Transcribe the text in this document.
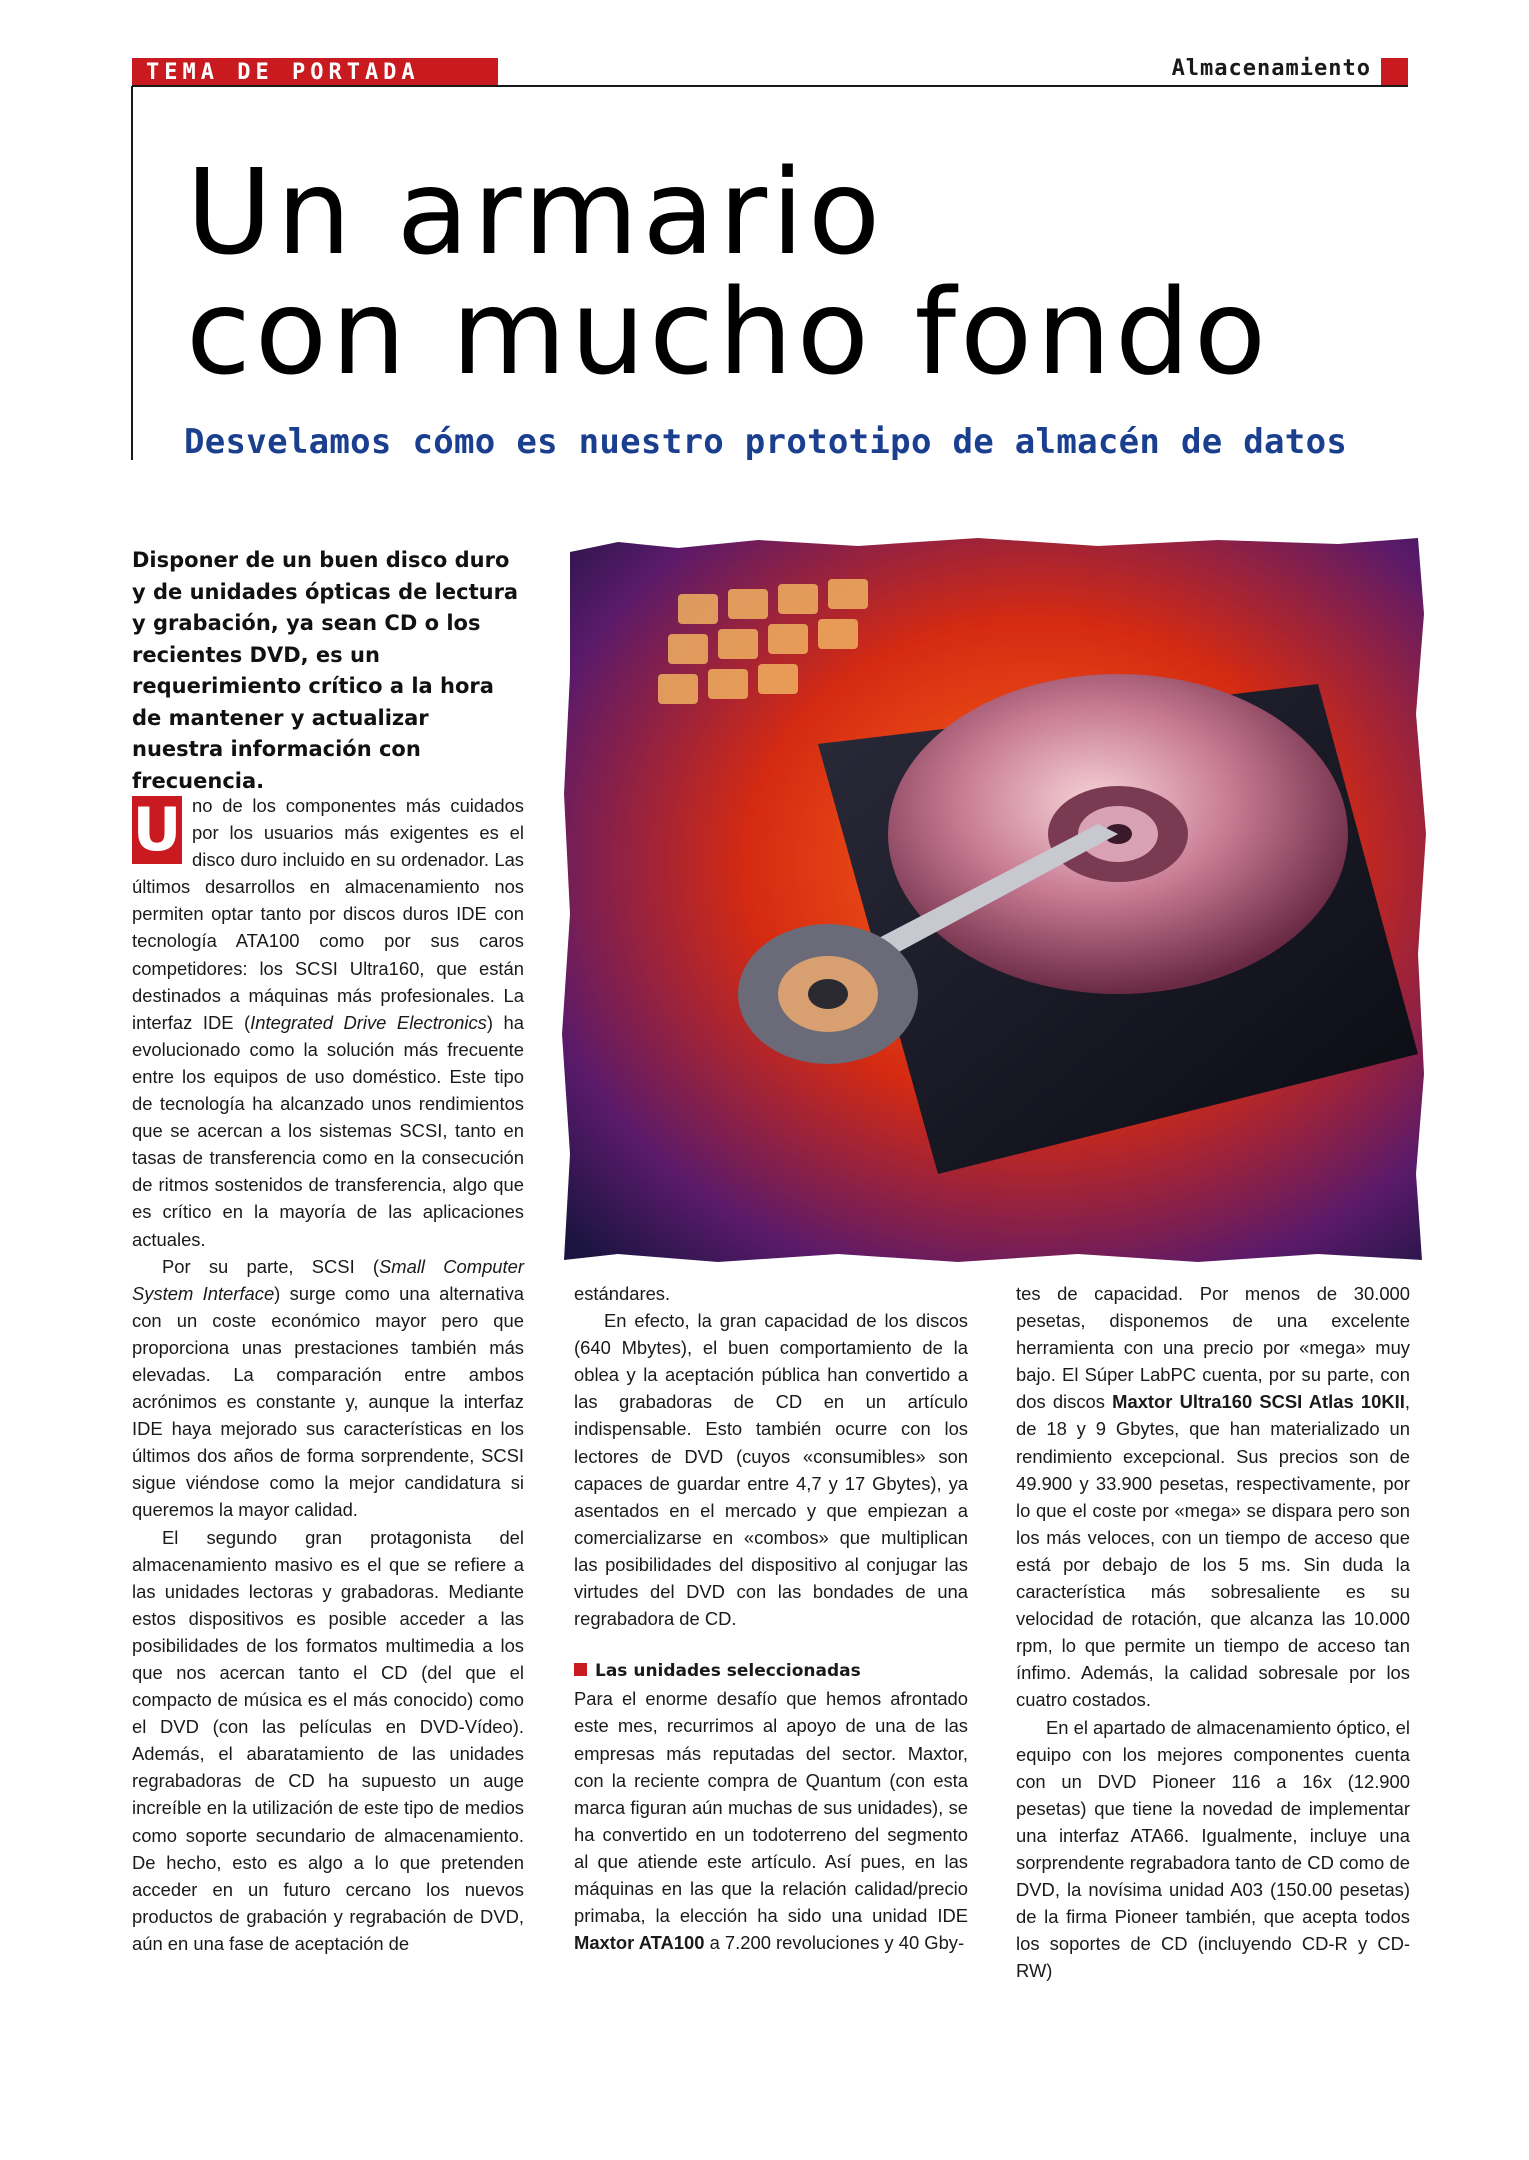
TEMA DE PORTADA	Almacenamiento
Un armario
con mucho fondo
Desvelamos cómo es nuestro prototipo de almacén de datos

Disponer de un buen disco duro y de unidades ópticas de lectura y grabación, ya sean CD o los recientes DVD, es un requerimiento crítico a la hora de mantener y actualizar nuestra información con frecuencia.

U no de los componentes más cuidados por los usuarios más exigentes es el disco duro incluido en su ordenador. Las últimos desarrollos en almacenamiento nos permiten optar tanto por discos duros IDE con tecnología ATA100 como por sus caros competidores: los SCSI Ultra160, que están destinados a máquinas más profesionales. La interfaz IDE (Integrated Drive Electronics) ha evolucionado como la solución más frecuente entre los equipos de uso doméstico. Este tipo de tecnología ha alcanzado unos rendimientos que se acercan a los sistemas SCSI, tanto en tasas de transferencia como en la consecución de ritmos sostenidos de transferencia, algo que es crítico en la mayoría de las aplicaciones actuales.

Por su parte, SCSI (Small Computer System Interface) surge como una alternativa con un coste económico mayor pero que proporciona unas prestaciones también más elevadas. La comparación entre ambos acrónimos es constante y, aunque la interfaz IDE haya mejorado sus características en los últimos dos años de forma sorprendente, SCSI sigue viéndose como la mejor candidatura si queremos la mayor calidad.

El segundo gran protagonista del almacenamiento masivo es el que se refiere a las unidades lectoras y grabadoras. Mediante estos dispositivos es posible acceder a las posibilidades de los formatos multimedia a los que nos acercan tanto el CD (del que el compacto de música es el más conocido) como el DVD (con las películas en DVD-Vídeo). Además, el abaratamiento de las unidades regrabadoras de CD ha supuesto un auge increíble en la utilización de este tipo de medios como soporte secundario de almacenamiento. De hecho, esto es algo a lo que pretenden acceder en un futuro cercano los nuevos productos de grabación y regrabación de DVD, aún en una fase de aceptación de

estándares.

En efecto, la gran capacidad de los discos (640 Mbytes), el buen comportamiento de la oblea y la aceptación pública han convertido a las grabadoras de CD en un artículo indispensable. Esto también ocurre con los lectores de DVD (cuyos «consumibles» son capaces de guardar entre 4,7 y 17 Gbytes), ya asentados en el mercado y que empiezan a comercializarse en «combos» que multiplican las posibilidades del dispositivo al conjugar las virtudes del DVD con las bondades de una regrabadora de CD.

Las unidades seleccionadas

Para el enorme desafío que hemos afrontado este mes, recurrimos al apoyo de una de las empresas más reputadas del sector. Maxtor, con la reciente compra de Quantum (con esta marca figuran aún muchas de sus unidades), se ha convertido en un todoterreno del segmento al que atiende este artículo. Así pues, en las máquinas en las que la relación calidad/precio primaba, la elección ha sido una unidad IDE Maxtor ATA100 a 7.200 revoluciones y 40 Gby-

tes de capacidad. Por menos de 30.000 pesetas, disponemos de una excelente herramienta con una precio por «mega» muy bajo. El Súper LabPC cuenta, por su parte, con dos discos Maxtor Ultra160 SCSI Atlas 10KII, de 18 y 9 Gbytes, que han materializado un rendimiento excepcional. Sus precios son de 49.900 y 33.900 pesetas, respectivamente, por lo que el coste por «mega» se dispara pero son los más veloces, con un tiempo de acceso que está por debajo de los 5 ms. Sin duda la característica más sobresaliente es su velocidad de rotación, que alcanza las 10.000 rpm, lo que permite un tiempo de acceso tan ínfimo. Además, la calidad sobresale por los cuatro costados.

En el apartado de almacenamiento óptico, el equipo con los mejores componentes cuenta con un DVD Pioneer 116 a 16x (12.900 pesetas) que tiene la novedad de implementar una interfaz ATA66. Igualmente, incluye una sorprendente regrabadora tanto de CD como de DVD, la novísima unidad A03 (150.00 pesetas) de la firma Pioneer también, que acepta todos los soportes de CD (incluyendo CD-R y CD-RW)
